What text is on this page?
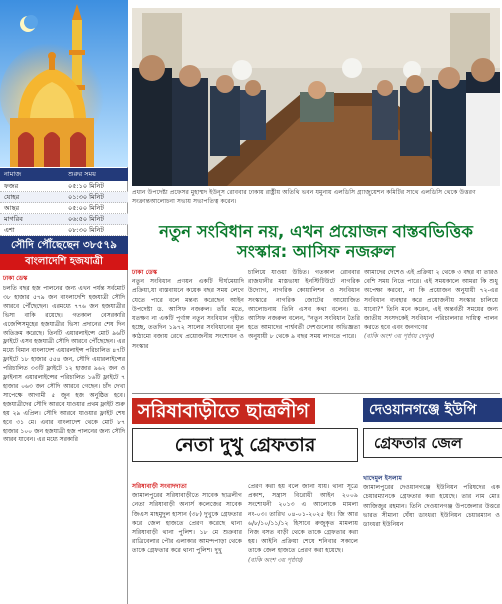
নামাজ	শুরুর সময়
ফজর	০৫:১০ মিনিট
যোহর	০১:৩০ মিনিট
আছর	০৫:০০ মিনিট
মাগরিব	০৬:৫০ মিনিট
এশা	০৮:৩০ মিনিট
সৌদি পৌঁছেছেন ৩৮৫৭৯
বাংলাদেশি হজযাত্রী
ঢাকা ডেস্ক
চলতি বছর হজ পালনের জন্য এখন পর্যন্ত সর্বমোট ৩৮ হাজার ৫৭৯ জন বাংলাদেশি হজযাত্রী সৌদি আরবে পৌঁছেছেন। এরমধ্যে ৭৭৬ জন হজযাত্রীর ভিসা বাকি রয়েছে। গতকাল বেসরকারি এজেন্সিসমূহের হজযাত্রীর ভিসা প্রদানের শেষ দিন অতিক্রম করেছে। তিনটি এয়ারলাইন্সে মোট ৯৬টি ফ্লাইটে এসব হজযাত্রী সৌদি আরবে পৌঁছেছেন। এর মধ্যে বিমান বাংলাদেশ এয়ারলাইন্স পরিচালিত ৪৭টি ফ্লাইটে ১৮ হাজার ৫৫৪ জন, সৌদি এয়ারলাইন্সের পরিচালিত ৩৩টি ফ্লাইটে ১২ হাজার ৯৬২ জন ও ফ্লাইনাস এয়ারলাইন্সের পরিচালিত ১৬টি ফ্লাইটে ৭ হাজার ০৬৩ জন সৌদি আরবে গেছেন। চাঁদ দেখা সাপেক্ষে আগামী ৫ জুন হজ অনুষ্ঠিত হবে। হজযাত্রীদের সৌদি আরবে যাওয়ার প্রথম ফ্লাইট শুরু হয় ২৯ এপ্রিল। সৌদি আরবে যাওয়ার ফ্লাইট শেষ হবে ৩১ মে। এবার বাংলাদেশ থেকে মোট ৮৭ হাজার ১০০ জন হজযাত্রী হজ পালনের জন্য সৌদি আরব যাবেন। এর মধ্যে সরকারি
প্রধান উপদেষ্টা প্রফেসর মুহাম্মদ ইউনূস রোববার ঢাকায় রাষ্ট্রীয় অতিথি ভবন যমুনায় এলডিসি গ্র্যাজুয়েশন কমিটির সাথে এলডিসি থেকে উত্তরণ সংক্রান্তআলোচনা সভায় সভাপতিত্ব করেন।
নতুন সংবিধান নয়, এখন প্রয়োজন বাস্তবভিত্তিক
সংস্কার: আসিফ নজরুল
ঢাকা ডেস্ক
নতুন সংবিধান প্রণয়ন একটি দীর্ঘমেয়াদি প্রক্রিয়া,যা বাস্তবায়নে কয়েক বছর সময় লেগে যেতে পারে বলে মন্তব্য করেছেন আইন উপদেষ্টা ড. আসিফ নজরুল। তাঁর মতে, যতক্ষণ না একটি পূর্ণাঙ্গ নতুন সংবিধান গৃহীত হচ্ছে, ততদিন ১৯৭২ সালের সংবিধানের মূল কাঠামো বজায় রেখে প্রয়োজনীয় সংশোধন ও সংস্কার
চালিয়ে যাওয়া উচিত। গতকাল রোববার রাজধানীর মাস্তভাষা ইনস্টিটিউটে নাগরিক উদ্যোগ, নাগরিক কোয়ালিশন ও সংবিধান সংস্কারে নাগরিক জোটের আয়োজিত আলোচনায় তিনি এসব কথা বলেন। ড. আসিফ নজরুল বলেন, "নতুন সংবিধান তৈরি হতে আমাদের পার্শ্ববর্তী দেশগুলোর অভিজ্ঞতা অনুযায়ী ৮ থেকে ৯ বছর সময় লাগতে পারে।
আমাদের দেশেও এই প্রক্রিয়া ২ থেকে ৩ বছর বা তারও বেশি সময় নিতে পারে। এই সময়কালে আমরা কি শুধু অপেক্ষা করবো, না কি প্রয়োজন অনুযায়ী ৭২-এর সংবিধান ব্যবহার করে প্রয়োজনীয় সংস্কার চালিয়ে যাবো?" তিনি মনে করেন, এই অন্তর্বর্তী সময়ের জন্য জাতীয় সংসদকেই সংবিধান পরিচালনার দায়িত্ব পালন করতে হবে এবং জনগণের
(বাকি অংশ ৩য় পৃষ্ঠায় দেখুন)
সরিষাবাড়ীতে ছাত্রলীগ
নেতা দুখু গ্রেফতার
সরিষাবাড়ী সংবাদদাতা
জামালপুরের সরিষাবাড়ীতে সাবেক ছাত্রলীগ নেতা সরিষাবাড়ী অনার্স কলেজের সাবেক জিএস মাহমুদুল হাসান (৩৮) দুখুকে গ্রেফতার করে জেল হাজতে প্রেরণ করেছে থানা সরিষাবাড়ী থানা পুলিশ। ১৮ মে শুক্রবার রাত্রিবেলার পৌর এলাকার আমন্দপাড়া থেকে তাকে গ্রেফতার করে থানা পুলিশ। দুখু
প্রেরণ করা হয় বলে জানা যায়। থানা সূত্রে প্রকাশ, সন্ত্রাস বিরোধী আইন ২০০৯ সংশোধনী ২০১৩ এ আলোকে মামলা নং-০৩। তারিখ ০৪-০১-২০২৫ ইং। জি আর ৬/৮/১০/১১/১২ হিসাবে রুজুকৃত মামলায় নিজ বসত বাড়ী থেকে তাকে গ্রেফতার করা হয়। আইনি প্রক্রিয়া শেষে শনিবার সকালে তাকে জেল হাজতে প্রেরণ করা হয়েছে।
(বাকি অংশ ৩য় পৃষ্ঠায়)
দেওয়ানগঞ্জে ইউপি
গ্রেফতার জেল
খাদেমুল ইসলাম
জামালপুরের দেওয়ানগঞ্জে ইউনিয়ন পরিষদের এক চেয়ারম্যানকে গ্রেফতার করা হয়েছে। তার নাম মোঃ আজিজুর রহমান। তিনি দেওয়ানগঞ্জ উপজেলার উত্তরে ভারত সীমানা ঘেঁষা ডাংধরা ইউনিয়ন চেয়ারম্যান ও ডাংধরা ইউনিয়ন
